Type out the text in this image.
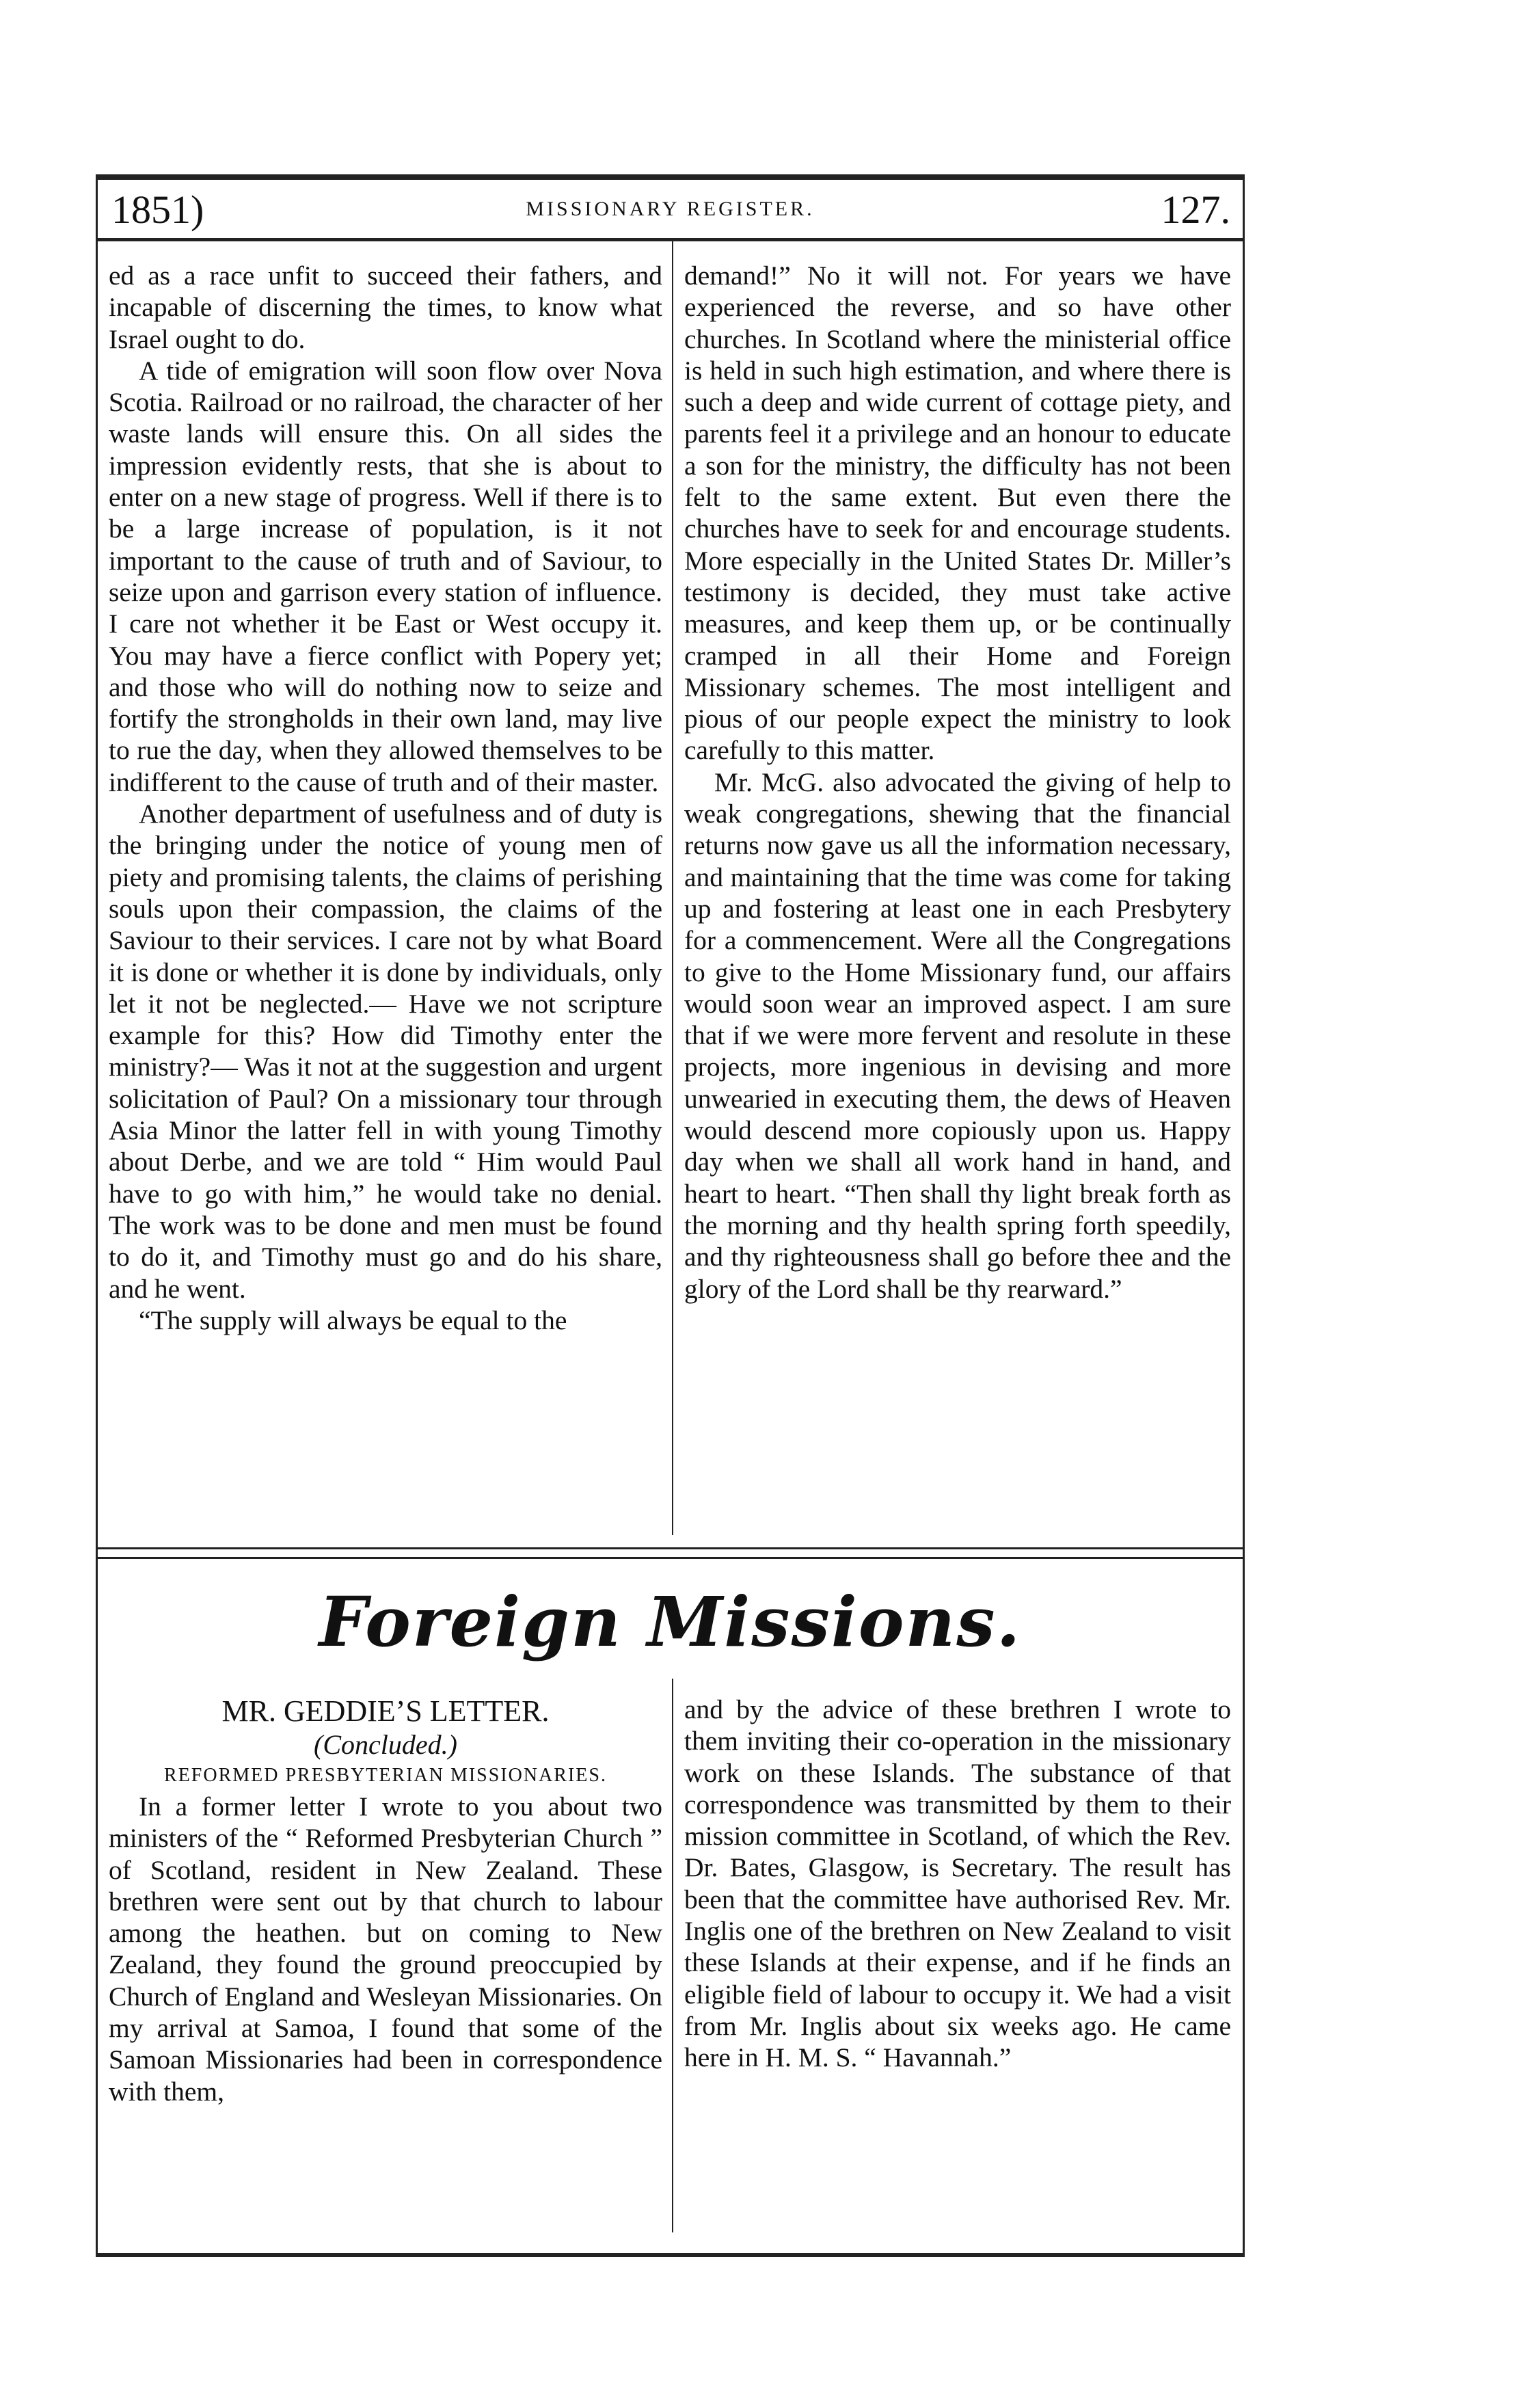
1851)	MISSIONARY REGISTER.	127.

ed as a race unfit to succeed their fathers, and incapable of discerning the times, to know what Israel ought to do.

A tide of emigration will soon flow over Nova Scotia. Railroad or no railroad, the character of her waste lands will ensure this. On all sides the impression evidently rests, that she is about to enter on a new stage of progress. Well if there is to be a large increase of population, is it not important to the cause of truth and of Saviour, to seize upon and garrison every station of influence. I care not whether it be East or West occupy it. You may have a fierce conflict with Popery yet; and those who will do nothing now to seize and fortify the strongholds in their own land, may live to rue the day, when they allowed themselves to be indifferent to the cause of truth and of their master.

Another department of usefulness and of duty is the bringing under the notice of young men of piety and promising talents, the claims of perishing souls upon their compassion, the claims of the Saviour to their services. I care not by what Board it is done or whether it is done by individuals, only let it not be neglected.— Have we not scripture example for this? How did Timothy enter the ministry?— Was it not at the suggestion and urgent solicitation of Paul? On a missionary tour through Asia Minor the latter fell in with young Timothy about Derbe, and we are told “ Him would Paul have to go with him,” he would take no denial. The work was to be done and men must be found to do it, and Timothy must go and do his share, and he went.

“The supply will always be equal to the

demand!” No it will not. For years we have experienced the reverse, and so have other churches. In Scotland where the ministerial office is held in such high estimation, and where there is such a deep and wide current of cottage piety, and parents feel it a privilege and an honour to educate a son for the ministry, the difficulty has not been felt to the same extent. But even there the churches have to seek for and encourage students. More especially in the United States Dr. Miller’s testimony is decided, they must take active measures, and keep them up, or be continually cramped in all their Home and Foreign Missionary schemes. The most intelligent and pious of our people expect the ministry to look carefully to this matter.

Mr. McG. also advocated the giving of help to weak congregations, shewing that the financial returns now gave us all the information necessary, and maintaining that the time was come for taking up and fostering at least one in each Presbytery for a commencement. Were all the Congregations to give to the Home Missionary fund, our affairs would soon wear an improved aspect. I am sure that if we were more fervent and resolute in these projects, more ingenious in devising and more unwearied in executing them, the dews of Heaven would descend more copiously upon us. Happy day when we shall all work hand in hand, and heart to heart. “Then shall thy light break forth as the morning and thy health spring forth speedily, and thy righteousness shall go before thee and the glory of the Lord shall be thy rearward.”

Foreign Missions.

MR. GEDDIE’S LETTER.

(Concluded.)

REFORMED PRESBYTERIAN MISSIONARIES.

In a former letter I wrote to you about two ministers of the “ Reformed Presbyterian Church ” of Scotland, resident in New Zealand. These brethren were sent out by that church to labour among the heathen. but on coming to New Zealand, they found the ground preoccupied by Church of England and Wesleyan Missionaries. On my arrival at Samoa, I found that some of the Samoan Missionaries had been in correspondence with them,

and by the advice of these brethren I wrote to them inviting their co-operation in the missionary work on these Islands. The substance of that correspondence was transmitted by them to their mission committee in Scotland, of which the Rev. Dr. Bates, Glasgow, is Secretary. The result has been that the committee have authorised Rev. Mr. Inglis one of the brethren on New Zealand to visit these Islands at their expense, and if he finds an eligible field of labour to occupy it. We had a visit from Mr. Inglis about six weeks ago. He came here in H. M. S. “ Havannah.”
